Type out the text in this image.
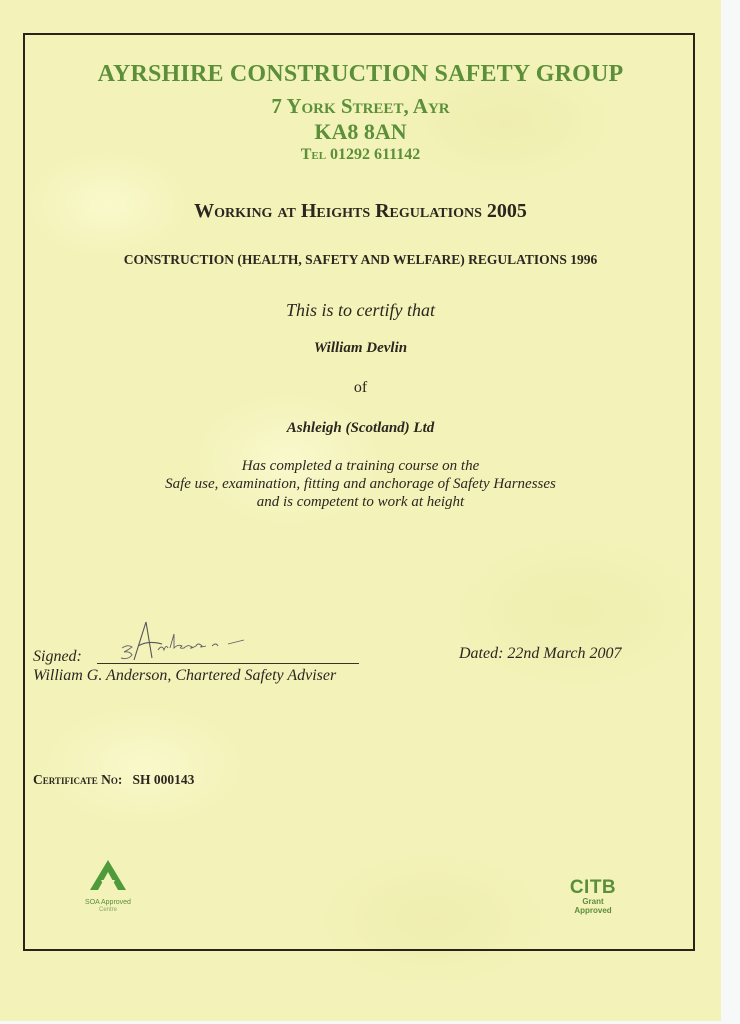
AYRSHIRE CONSTRUCTION SAFETY GROUP
7 York Street, Ayr
KA8 8AN
Tel 01292 611142
Working at Heights Regulations 2005
CONSTRUCTION (HEALTH, SAFETY AND WELFARE) REGULATIONS 1996
This is to certify that
William Devlin
of
Ashleigh (Scotland) Ltd
Has completed a training course on the
Safe use, examination, fitting and anchorage of Safety Harnesses
and is competent to work at height
Signed:
William G. Anderson, Chartered Safety Adviser
Dated: 22nd March 2007
Certificate No: SH 000143
SOA Approved
Centre
CITB
Grant
Approved
